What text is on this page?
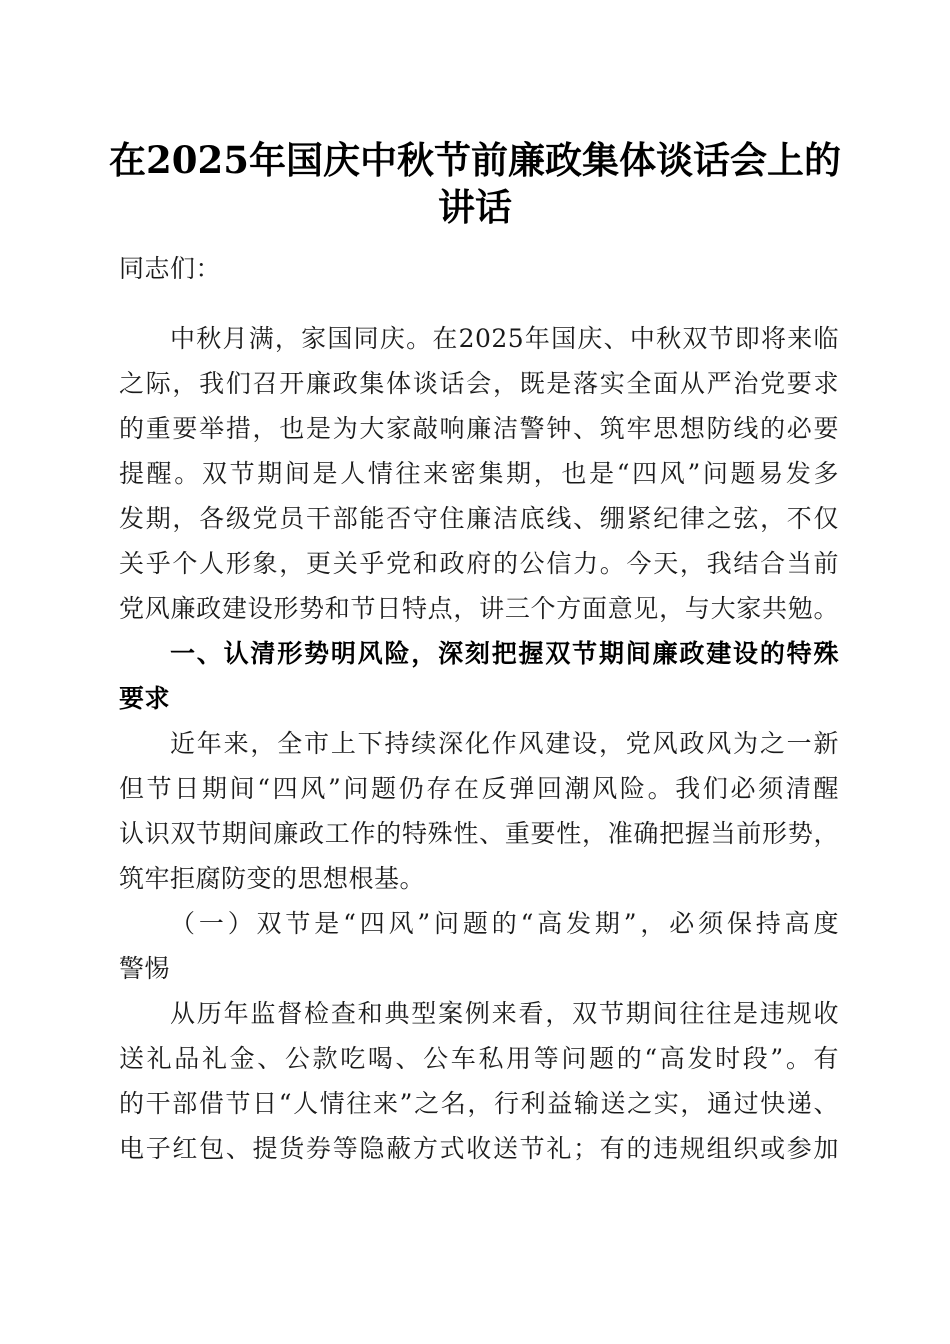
在2025年国庆中秋节前廉政集体谈话会上的
讲话

同志们：

中秋月满，家国同庆。在2025年国庆、中秋双节即将来临

之际，我们召开廉政集体谈话会，既是落实全面从严治党要求

的重要举措，也是为大家敲响廉洁警钟、筑牢思想防线的必要

提醒。双节期间是人情往来密集期，也是“四风”问题易发多

发期，各级党员干部能否守住廉洁底线、绷紧纪律之弦，不仅

关乎个人形象，更关乎党和政府的公信力。今天，我结合当前

党风廉政建设形势和节日特点，讲三个方面意见，与大家共勉。

一、认清形势明风险，深刻把握双节期间廉政建设的特殊

要求

近年来，全市上下持续深化作风建设，党风政风为之一新

但节日期间“四风”问题仍存在反弹回潮风险。我们必须清醒

认识双节期间廉政工作的特殊性、重要性，准确把握当前形势，

筑牢拒腐防变的思想根基。

（一）双节是“四风”问题的“高发期”，必须保持高度

警惕

从历年监督检查和典型案例来看，双节期间往往是违规收

送礼品礼金、公款吃喝、公车私用等问题的“高发时段”。有

的干部借节日“人情往来”之名，行利益输送之实，通过快递、

电子红包、提货券等隐蔽方式收送节礼；有的违规组织或参加
